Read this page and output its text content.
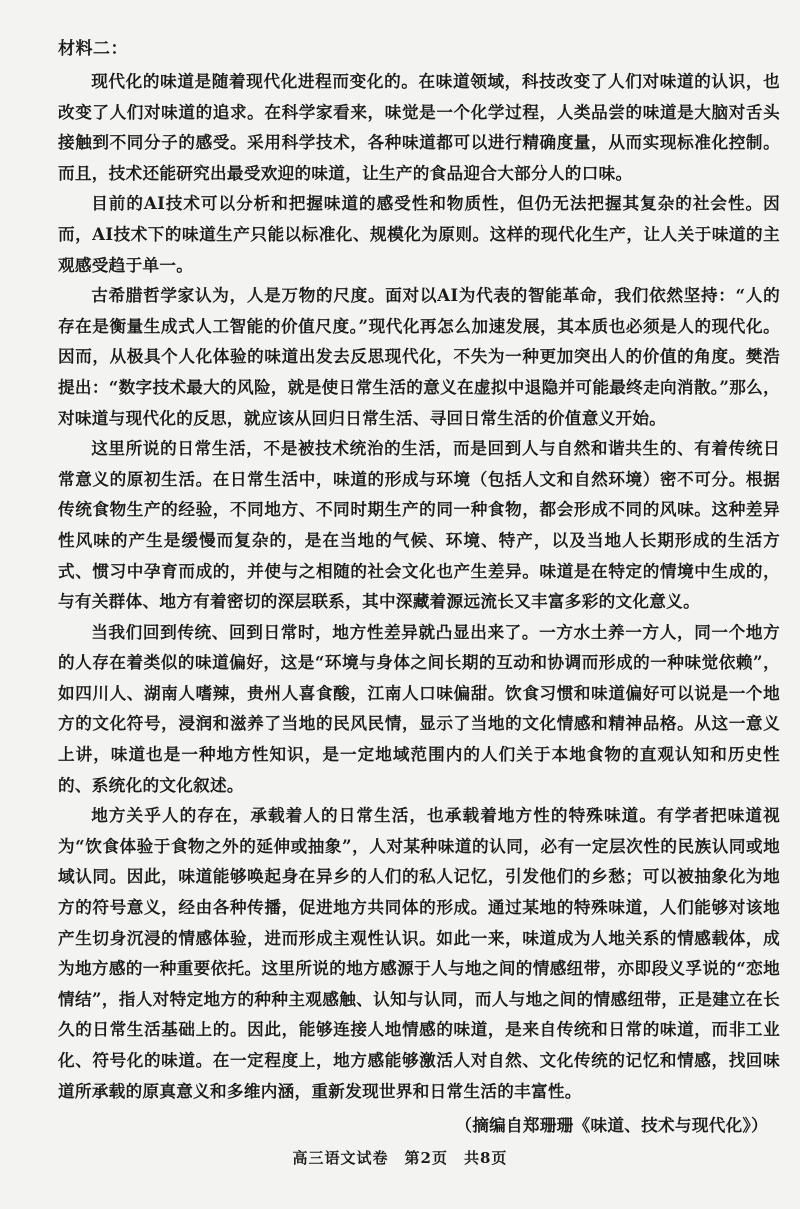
材料二：

现代化的味道是随着现代化进程而变化的。在味道领域，科技改变了人们对味道的认识，也改变了人们对味道的追求。在科学家看来，味觉是一个化学过程，人类品尝的味道是大脑对舌头接触到不同分子的感受。采用科学技术，各种味道都可以进行精确度量，从而实现标准化控制。而且，技术还能研究出最受欢迎的味道，让生产的食品迎合大部分人的口味。

目前的AI技术可以分析和把握味道的感受性和物质性，但仍无法把握其复杂的社会性。因而，AI技术下的味道生产只能以标准化、规模化为原则。这样的现代化生产，让人关于味道的主观感受趋于单一。

古希腊哲学家认为，人是万物的尺度。面对以AI为代表的智能革命，我们依然坚持：“人的存在是衡量生成式人工智能的价值尺度。”现代化再怎么加速发展，其本质也必须是人的现代化。因而，从极具个人化体验的味道出发去反思现代化，不失为一种更加突出人的价值的角度。樊浩提出：“数字技术最大的风险，就是使日常生活的意义在虚拟中退隐并可能最终走向消散。”那么，对味道与现代化的反思，就应该从回归日常生活、寻回日常生活的价值意义开始。

这里所说的日常生活，不是被技术统治的生活，而是回到人与自然和谐共生的、有着传统日常意义的原初生活。在日常生活中，味道的形成与环境（包括人文和自然环境）密不可分。根据传统食物生产的经验，不同地方、不同时期生产的同一种食物，都会形成不同的风味。这种差异性风味的产生是缓慢而复杂的，是在当地的气候、环境、特产，以及当地人长期形成的生活方式、惯习中孕育而成的，并使与之相随的社会文化也产生差异。味道是在特定的情境中生成的，与有关群体、地方有着密切的深层联系，其中深藏着源远流长又丰富多彩的文化意义。

当我们回到传统、回到日常时，地方性差异就凸显出来了。一方水土养一方人，同一个地方的人存在着类似的味道偏好，这是“环境与身体之间长期的互动和协调而形成的一种味觉依赖”，如四川人、湖南人嗜辣，贵州人喜食酸，江南人口味偏甜。饮食习惯和味道偏好可以说是一个地方的文化符号，浸润和滋养了当地的民风民情，显示了当地的文化情感和精神品格。从这一意义上讲，味道也是一种地方性知识，是一定地域范围内的人们关于本地食物的直观认知和历史性的、系统化的文化叙述。

地方关乎人的存在，承载着人的日常生活，也承载着地方性的特殊味道。有学者把味道视为“饮食体验于食物之外的延伸或抽象”，人对某种味道的认同，必有一定层次性的民族认同或地域认同。因此，味道能够唤起身在异乡的人们的私人记忆，引发他们的乡愁；可以被抽象化为地方的符号意义，经由各种传播，促进地方共同体的形成。通过某地的特殊味道，人们能够对该地产生切身沉浸的情感体验，进而形成主观性认识。如此一来，味道成为人地关系的情感载体，成为地方感的一种重要依托。这里所说的地方感源于人与地之间的情感纽带，亦即段义孚说的“恋地情结”，指人对特定地方的种种主观感触、认知与认同，而人与地之间的情感纽带，正是建立在长久的日常生活基础上的。因此，能够连接人地情感的味道，是来自传统和日常的味道，而非工业化、符号化的味道。在一定程度上，地方感能够激活人对自然、文化传统的记忆和情感，找回味道所承载的原真意义和多维内涵，重新发现世界和日常生活的丰富性。

（摘编自郑珊珊《味道、技术与现代化》）
高三语文试卷　第2页　共8页
